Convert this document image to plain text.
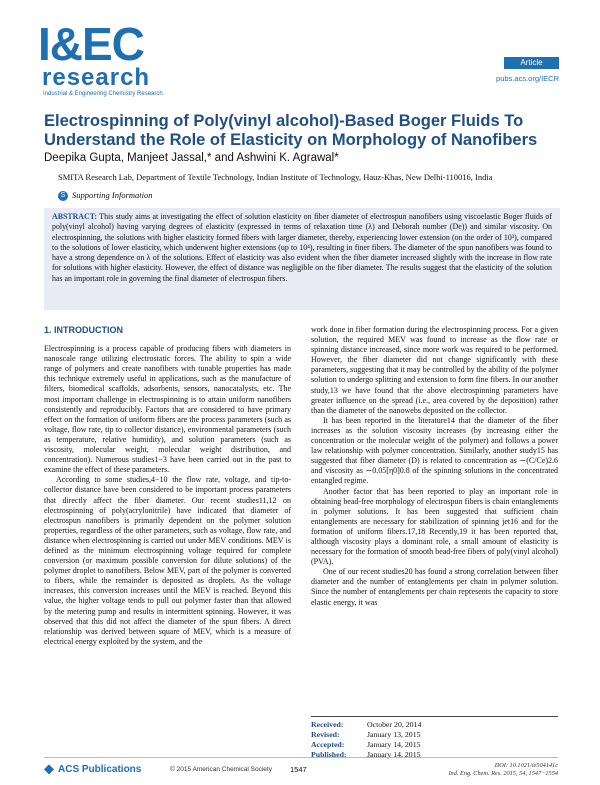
I&EC
research
Industrial & Engineering Chemistry Research
Article
pubs.acs.org/IECR
Electrospinning of Poly(vinyl alcohol)-Based Boger Fluids To Understand the Role of Elasticity on Morphology of Nanofibers
Deepika Gupta, Manjeet Jassal,* and Ashwini K. Agrawal*
SMITA Research Lab, Department of Textile Technology, Indian Institute of Technology, Hauz-Khas, New Delhi-110016, India
S Supporting Information
ABSTRACT: This study aims at investigating the effect of solution elasticity on fiber diameter of electrospun nanofibers using viscoelastic Boger fluids of poly(vinyl alcohol) having varying degrees of elasticity (expressed in terms of relaxation time (λ) and Deborah number (De)) and similar viscosity. On electrospinning, the solutions with higher elasticity formed fibers with larger diameter, thereby, experiencing lower extension (on the order of 10³), compared to the solutions of lower elasticity, which underwent higher extensions (up to 10⁴), resulting in finer fibers. The diameter of the spun nanofibers was found to have a strong dependence on λ of the solutions. Effect of elasticity was also evident when the fiber diameter increased slightly with the increase in flow rate for solutions with higher elasticity. However, the effect of distance was negligible on the fiber diameter. The results suggest that the elasticity of the solution has an important role in governing the final diameter of electrospun fibers.
1. INTRODUCTION

Electrospinning is a process capable of producing fibers with diameters in nanoscale range utilizing electrostatic forces. The ability to spin a wide range of polymers and create nanofibers with tunable properties has made this technique extremely useful in applications, such as the manufacture of filters, biomedical scaffolds, adsorbents, sensors, nanocatalysts, etc. The most important challenge in electrospinning is to attain uniform nanofibers consistently and reproducibly. Factors that are considered to have primary effect on the formation of uniform fibers are the process parameters (such as voltage, flow rate, tip to collector distance), environmental parameters (such as temperature, relative humidity), and solution parameters (such as viscosity, molecular weight, molecular weight distribution, and concentration). Numerous studies1−3 have been carried out in the past to examine the effect of these parameters.

According to some studies,4−10 the flow rate, voltage, and tip-to-collector distance have been considered to be important process parameters that directly affect the fiber diameter. Our recent studies11,12 on electrospinning of poly(acrylonitrile) have indicated that diameter of electrospun nanofibers is primarily dependent on the polymer solution properties, regardless of the other parameters, such as voltage, flow rate, and distance when electrospinning is carried out under MEV conditions. MEV is defined as the minimum electrospinning voltage required for complete conversion (or maximum possible conversion for dilute solutions) of the polymer droplet to nanofibers. Below MEV, part of the polymer is converted to fibers, while the remainder is deposited as droplets. As the voltage increases, this conversion increases until the MEV is reached. Beyond this value, the higher voltage tends to pull out polymer faster than that allowed by the metering pump and results in intermittent spinning. However, it was observed that this did not affect the diameter of the spun fibers. A direct relationship was derived between square of MEV, which is a measure of electrical energy exploited by the system, and the

work done in fiber formation during the electrospinning process. For a given solution, the required MEV was found to increase as the flow rate or spinning distance increased, since more work was required to be performed. However, the fiber diameter did not change significantly with these parameters, suggesting that it may be controlled by the ability of the polymer solution to undergo splitting and extension to form fine fibers. In our another study,13 we have found that the above electrospinning parameters have greater influence on the spread (i.e., area covered by the deposition) rather than the diameter of the nanowebs deposited on the collector.

It has been reported in the literature14 that the diameter of the fiber increases as the solution viscosity increases (by increasing either the concentration or the molecular weight of the polymer) and follows a power law relationship with polymer concentration. Similarly, another study15 has suggested that fiber diameter (D) is related to concentration as ∼(C/Ce)2.6 and viscosity as ∼0.05[η0]0.8 of the spinning solutions in the concentrated entangled regime.

Another factor that has been reported to play an important role in obtaining bead-free morphology of electrospun fibers is chain entanglements in polymer solutions. It has been suggested that sufficient chain entanglements are necessary for stabilization of spinning jet16 and for the formation of uniform fibers.17,18 Recently,19 it has been reported that, although viscosity plays a dominant role, a small amount of elasticity is necessary for the formation of smooth bead-free fibers of poly(vinyl alcohol) (PVA).

One of our recent studies20 has found a strong correlation between fiber diameter and the number of entanglements per chain in polymer solution. Since the number of entanglements per chain represents the capacity to store elastic energy, it was

Received:	October 20, 2014
Revised:	January 13, 2015
Accepted:	January 14, 2015
Published:	January 14, 2015
ACS Publications	© 2015 American Chemical Society 1547	DOI: 10.1021/ie504141c
Ind. Eng. Chem. Res. 2015, 54, 1547−1554
